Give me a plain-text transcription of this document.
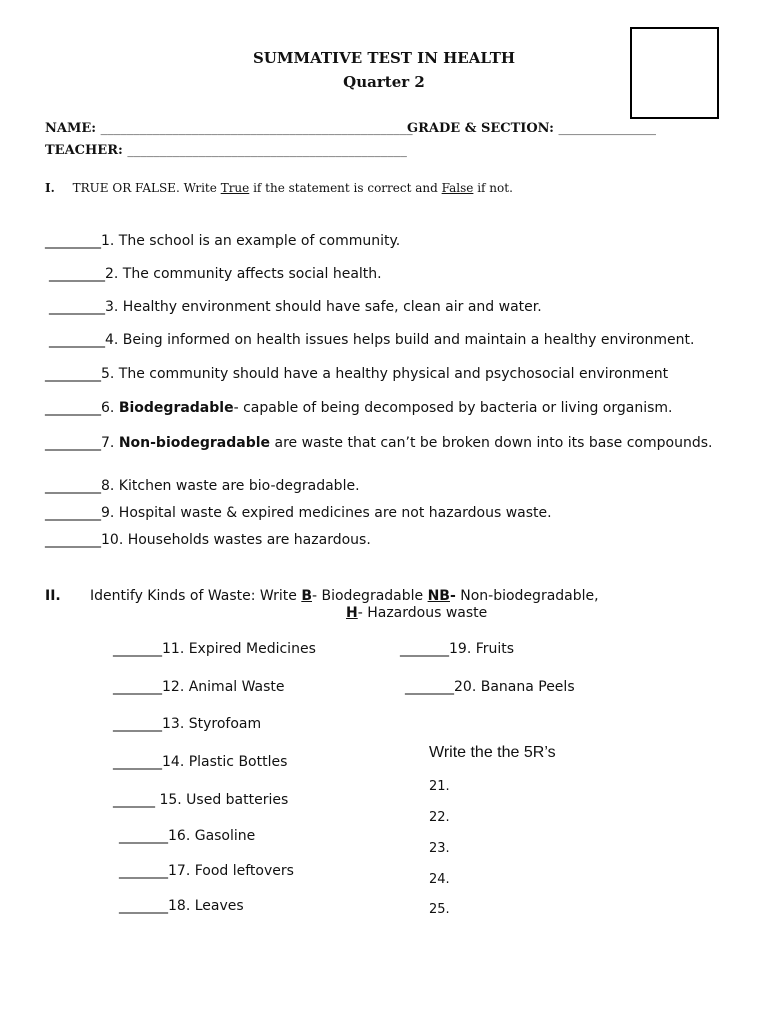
SUMMATIVE TEST IN HEALTH
Quarter 2
NAME: ________________________________________________
GRADE & SECTION: _______________
TEACHER: ___________________________________________
I. TRUE OR FALSE. Write True if the statement is correct and False if not.
________1. The school is an example of community.
________2. The community affects social health.
________3. Healthy environment should have safe, clean air and water.
________4. Being informed on health issues helps build and maintain a healthy environment.
________5. The community should have a healthy physical and psychosocial environment
________6. Biodegradable- capable of being decomposed by bacteria or living organism.
________7. Non-biodegradable are waste that can’t be broken down into its base compounds.
________8. Kitchen waste are bio-degradable.
________9. Hospital waste & expired medicines are not hazardous waste.
________10. Households wastes are hazardous.
II. Identify Kinds of Waste: Write B- Biodegradable NB- Non-biodegradable,
H- Hazardous waste
_______11. Expired Medicines
_______12. Animal Waste
_______13. Styrofoam
_______14. Plastic Bottles
______ 15. Used batteries
_______16. Gasoline
_______17. Food leftovers
_______18. Leaves
_______19. Fruits
_______20. Banana Peels
Write the the 5R’s
21.
22.
23.
24.
25.
